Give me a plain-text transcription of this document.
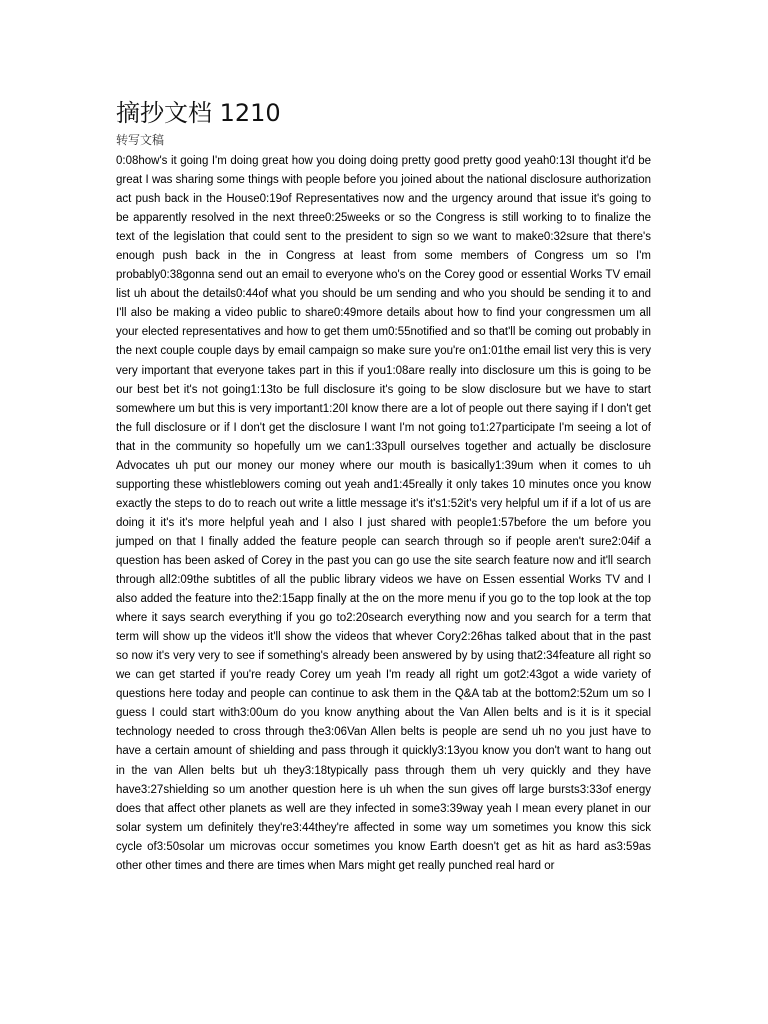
摘抄文档 1210
转写文稿

0:08how's it going I'm doing great how you doing doing pretty good pretty good yeah0:13I thought it'd be great I was sharing some things with people before you joined about the national disclosure authorization act push back in the House0:19of Representatives now and the urgency around that issue it's going to be apparently resolved in the next three0:25weeks or so the Congress is still working to to finalize the text of the legislation that could sent to the president to sign so we want to make0:32sure that there's enough push back in the in Congress at least from some members of Congress um so I'm probably0:38gonna send out an email to everyone who's on the Corey good or essential Works TV email list uh about the details0:44of what you should be um sending and who you should be sending it to and I'll also be making a video public to share0:49more details about how to find your congressmen um all your elected representatives and how to get them um0:55notified and so that'll be coming out probably in the next couple couple days by email campaign so make sure you're on1:01the email list very this is very very important that everyone takes part in this if you1:08are really into disclosure um this is going to be our best bet it's not going1:13to be full disclosure it's going to be slow disclosure but we have to start somewhere um but this is very important1:20I know there are a lot of people out there saying if I don't get the full disclosure or if I don't get the disclosure I want I'm not going to1:27participate I'm seeing a lot of that in the community so hopefully um we can1:33pull ourselves together and actually be disclosure Advocates uh put our money our money where our mouth is basically1:39um when it comes to uh supporting these whistleblowers coming out yeah and1:45really it only takes 10 minutes once you know exactly the steps to do to reach out write a little message it's it's1:52it's very helpful um if if a lot of us are doing it it's it's more helpful yeah and I also I just shared with people1:57before the um before you jumped on that I finally added the feature people can search through so if people aren't sure2:04if a question has been asked of Corey in the past you can go use the site search feature now and it'll search through all2:09the subtitles of all the public library videos we have on Essen essential Works TV and I also added the feature into the2:15app finally at the on the more menu if you go to the top look at the top where it says search everything if you go to2:20search everything now and you search for a term that term will show up the videos it'll show the videos that whever Cory2:26has talked about that in the past so now it's very very to see if something's already been answered by by using that2:34feature all right so we can get started if you're ready Corey um yeah I'm ready all right um got2:43got a wide variety of questions here today and people can continue to ask them in the Q&A tab at the bottom2:52um um so I guess I could start with3:00um do you know anything about the Van Allen belts and is it is it special technology needed to cross through the3:06Van Allen belts is people are send uh no you just have to have a certain amount of shielding and pass through it quickly3:13you know you don't want to hang out in the van Allen belts but uh they3:18typically pass through them uh very quickly and they have have3:27shielding so um another question here is uh when the sun gives off large bursts3:33of energy does that affect other planets as well are they infected in some3:39way yeah I mean every planet in our solar system um definitely they're3:44they're affected in some way um sometimes you know this sick cycle of3:50solar um microvas occur sometimes you know Earth doesn't get as hit as hard as3:59as other other times and there are times when Mars might get really punched real hard or
